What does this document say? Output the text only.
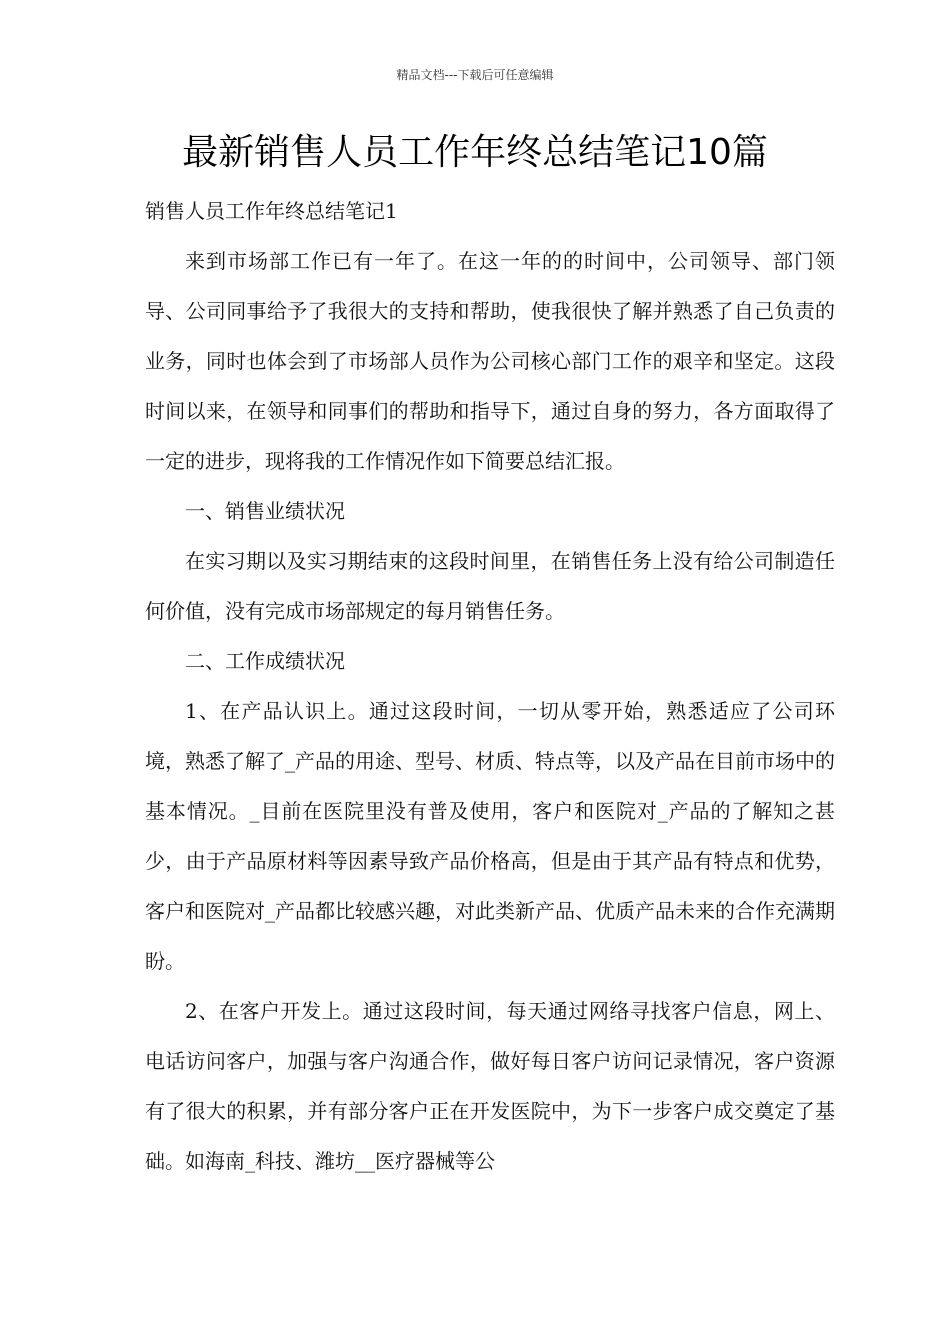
精品文档---下载后可任意编辑
最新销售人员工作年终总结笔记10篇

销售人员工作年终总结笔记1

来到市场部工作已有一年了。在这一年的的时间中，公司领导、部门领导、公司同事给予了我很大的支持和帮助，使我很快了解并熟悉了自己负责的业务，同时也体会到了市场部人员作为公司核心部门工作的艰辛和坚定。这段时间以来，在领导和同事们的帮助和指导下，通过自身的努力，各方面取得了一定的进步，现将我的工作情况作如下简要总结汇报。

一、销售业绩状况

在实习期以及实习期结束的这段时间里，在销售任务上没有给公司制造任何价值，没有完成市场部规定的每月销售任务。

二、工作成绩状况

1、在产品认识上。通过这段时间，一切从零开始，熟悉适应了公司环境，熟悉了解了_产品的用途、型号、材质、特点等，以及产品在目前市场中的基本情况。_目前在医院里没有普及使用，客户和医院对_产品的了解知之甚少，由于产品原材料等因素导致产品价格高，但是由于其产品有特点和优势，客户和医院对_产品都比较感兴趣，对此类新产品、优质产品未来的合作充满期盼。

2、在客户开发上。通过这段时间，每天通过网络寻找客户信息，网上、电话访问客户，加强与客户沟通合作，做好每日客户访问记录情况，客户资源有了很大的积累，并有部分客户正在开发医院中，为下一步客户成交奠定了基础。如海南_科技、潍坊__医疗器械等公
